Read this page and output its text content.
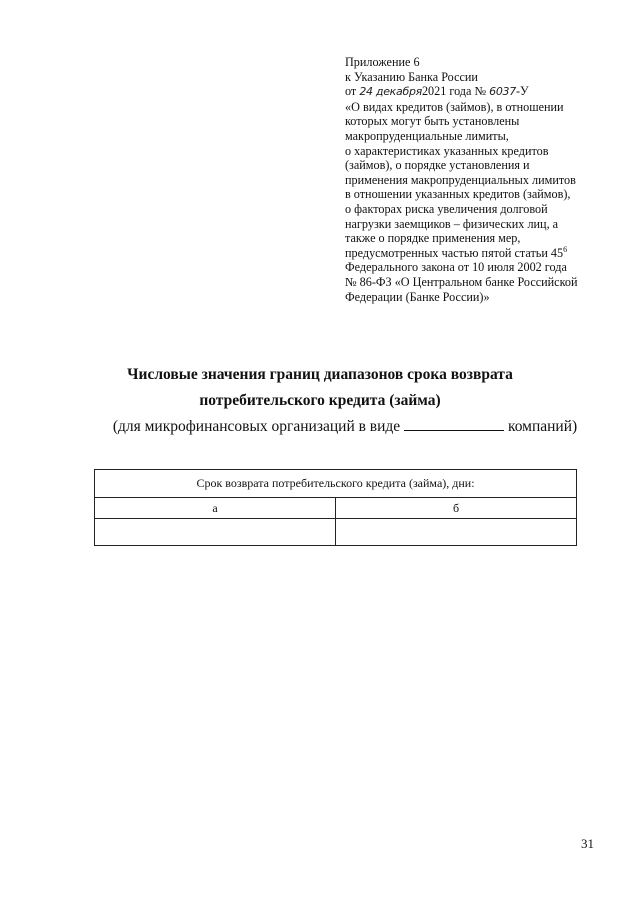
Приложение 6
к Указанию Банка России
от 24 декабря2021 года № 6037-У
«О видах кредитов (займов), в отношении
которых могут быть установлены
макропруденциальные лимиты,
о характеристиках указанных кредитов
(займов), о порядке установления и
применения макропруденциальных лимитов
в отношении указанных кредитов (займов),
о факторах риска увеличения долговой
нагрузки заемщиков – физических лиц, а
также о порядке применения мер,
предусмотренных частью пятой статьи $45^6$
Федерального закона от 10 июля 2002 года
№ 86-ФЗ «О Центральном банке Российской
Федерации (Банке России)»
Числовые значения границ диапазонов срока возврата
потребительского кредита (займа)
(для микрофинансовых организаций в виде	компаний)
Срок возврата потребительского кредита (займа), дни:	
а	б

31
